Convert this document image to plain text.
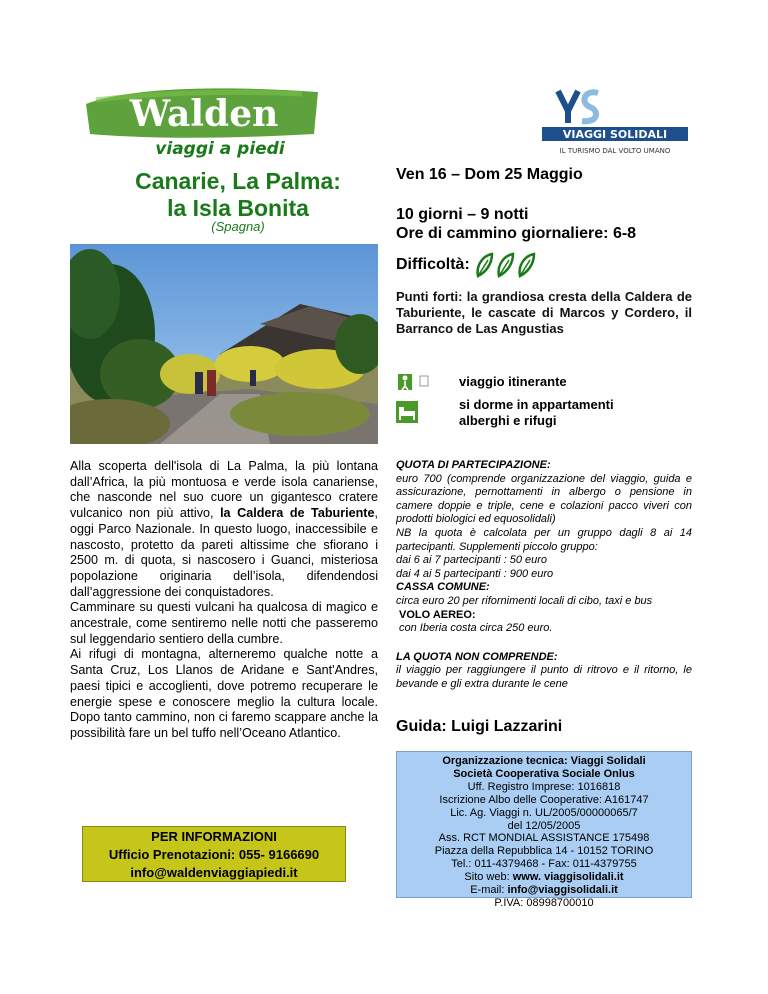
Walden
viaggi a piedi
VIAGGI SOLIDALI
IL TURISMO DAL VOLTO UMANO
Canarie, La Palma:
la Isla Bonita
(Spagna)
Ven 16 – Dom 25 Maggio
10 giorni – 9 notti
Ore di cammino giornaliere: 6-8
Difficoltà:
Punti forti: la grandiosa cresta della Caldera de Taburiente, le cascate di Marcos y Cordero, il Barranco de Las Angustias
viaggio itinerante
si dorme in appartamenti
alberghi e rifugi
Alla scoperta dell'isola di La Palma, la più lontana dall’Africa, la più montuosa e verde isola canariense, che nasconde nel suo cuore un gigantesco cratere vulcanico non più attivo, la Caldera de Taburiente, oggi Parco Nazionale. In questo luogo, inaccessibile e nascosto, protetto da pareti altissime che sfiorano i 2500 m. di quota, si nascosero i Guanci, misteriosa popolazione originaria dell’isola, difendendosi dall’aggressione dei conquistadores.
Camminare su questi vulcani ha qualcosa di magico e ancestrale, come sentiremo nelle notti che passeremo sul leggendario sentiero della cumbre.
Ai rifugi di montagna, alterneremo qualche notte a Santa Cruz, Los Llanos de Aridane e Sant'Andres, paesi tipici e accoglienti, dove potremo recuperare le energie spese e conoscere meglio la cultura locale. Dopo tanto cammino, non ci faremo scappare anche la possibilità fare un bel tuffo nell’Oceano Atlantico.
PER INFORMAZIONI
Ufficio Prenotazioni: 055- 9166690
info@waldenviaggiapiedi.it
QUOTA DI PARTECIPAZIONE:
euro 700 (comprende organizzazione del viaggio, guida e assicurazione, pernottamenti in albergo o pensione in camere doppie e triple, cene e colazioni pacco viveri con prodotti biologici ed equosolidali)
NB la quota è calcolata per un gruppo dagli 8 ai 14 partecipanti. Supplementi piccolo gruppo:
dai 6 ai 7 partecipanti : 50 euro
dai 4 ai 5 partecipanti : 900 euro
CASSA COMUNE:
circa euro 20 per rifornimenti locali di cibo, taxi e bus
VOLO AEREO:
con Iberia costa circa 250 euro.
LA QUOTA NON COMPRENDE:
il viaggio per raggiungere il punto di ritrovo e il ritorno, le bevande e gli extra durante le cene
Guida: Luigi Lazzarini
Organizzazione tecnica: Viaggi Solidali
Società Cooperativa Sociale Onlus
Uff. Registro Imprese: 1016818
Iscrizione Albo delle Cooperative: A161747
Lic. Ag. Viaggi n. UL/2005/00000065/7
del 12/05/2005
Ass. RCT MONDIAL ASSISTANCE 175498
Piazza della Repubblica 14 - 10152 TORINO
Tel.: 011-4379468 - Fax: 011-4379755
Sito web: www. viaggisolidali.it
E-mail: info@viaggisolidali.it
P.IVA: 08998700010
